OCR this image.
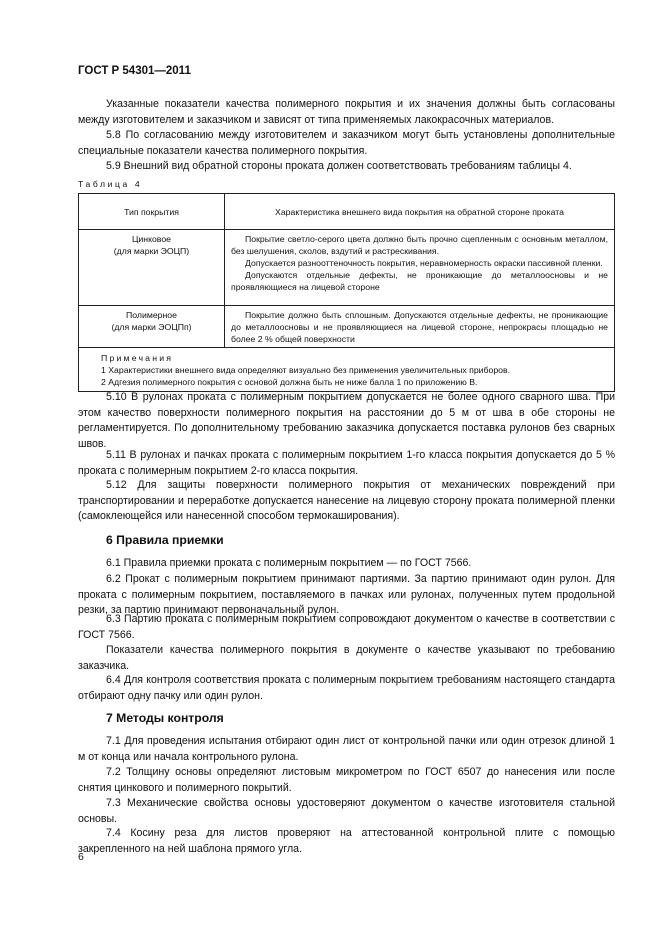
ГОСТ Р 54301—2011

Указанные показатели качества полимерного покрытия и их значения должны быть согласованы между изготовителем и заказчиком и зависят от типа применяемых лакокрасочных материалов.

5.8 По согласованию между изготовителем и заказчиком могут быть установлены дополнительные специальные показатели качества полимерного покрытия.

5.9 Внешний вид обратной стороны проката должен соответствовать требованиям таблицы 4.

Таблица 4
Тип покрытия	Характеристика внешнего вида покрытия на обратной стороне проката
Цинковое
(для марки ЭОЦП)	Покрытие светло-серого цвета должно быть прочно сцепленным с основным металлом, без шелушения, сколов, вздутий и растрескивания.
Допускается разнооттеночность покрытия, неравномерность окраски пассивной пленки.
Допускаются отдельные дефекты, не проникающие до металлоосновы и не проявляющиеся на лицевой стороне

Полимерное
(для марки ЭОЦПп)	Покрытие должно быть сплошным. Допускаются отдельные дефекты, не проникающие до металлоосновы и не проявляющиеся на лицевой стороне, непрокрасы площадью не более 2 % общей поверхности

Примечания
1 Характеристики внешнего вида определяют визуально без применения увеличительных приборов.
2 Адгезия полимерного покрытия с основой должна быть не ниже балла 1 по приложению В.	

5.10 В рулонах проката с полимерным покрытием допускается не более одного сварного шва. При этом качество поверхности полимерного покрытия на расстоянии до 5 м от шва в обе стороны не регламентируется. По дополнительному требованию заказчика допускается поставка рулонов без сварных швов.

5.11 В рулонах и пачках проката с полимерным покрытием 1-го класса покрытия допускается до 5 % проката с полимерным покрытием 2-го класса покрытия.

5.12 Для защиты поверхности полимерного покрытия от механических повреждений при транспортировании и переработке допускается нанесение на лицевую сторону проката полимерной пленки (самоклеющейся или нанесенной способом термокаширования).

6 Правила приемки

6.1 Правила приемки проката с полимерным покрытием — по ГОСТ 7566.

6.2 Прокат с полимерным покрытием принимают партиями. За партию принимают один рулон. Для проката с полимерным покрытием, поставляемого в пачках или рулонах, полученных путем продольной резки, за партию принимают первоначальный рулон.

6.3 Партию проката с полимерным покрытием сопровождают документом о качестве в соответствии с ГОСТ 7566.

Показатели качества полимерного покрытия в документе о качестве указывают по требованию заказчика.

6.4 Для контроля соответствия проката с полимерным покрытием требованиям настоящего стандарта отбирают одну пачку или один рулон.

7 Методы контроля

7.1 Для проведения испытания отбирают один лист от контрольной пачки или один отрезок длиной 1 м от конца или начала контрольного рулона.

7.2 Толщину основы определяют листовым микрометром по ГОСТ 6507 до нанесения или после снятия цинкового и полимерного покрытий.

7.3 Механические свойства основы удостоверяют документом о качестве изготовителя стальной основы.

7.4 Косину реза для листов проверяют на аттестованной контрольной плите с помощью закрепленного на ней шаблона прямого угла.

6
